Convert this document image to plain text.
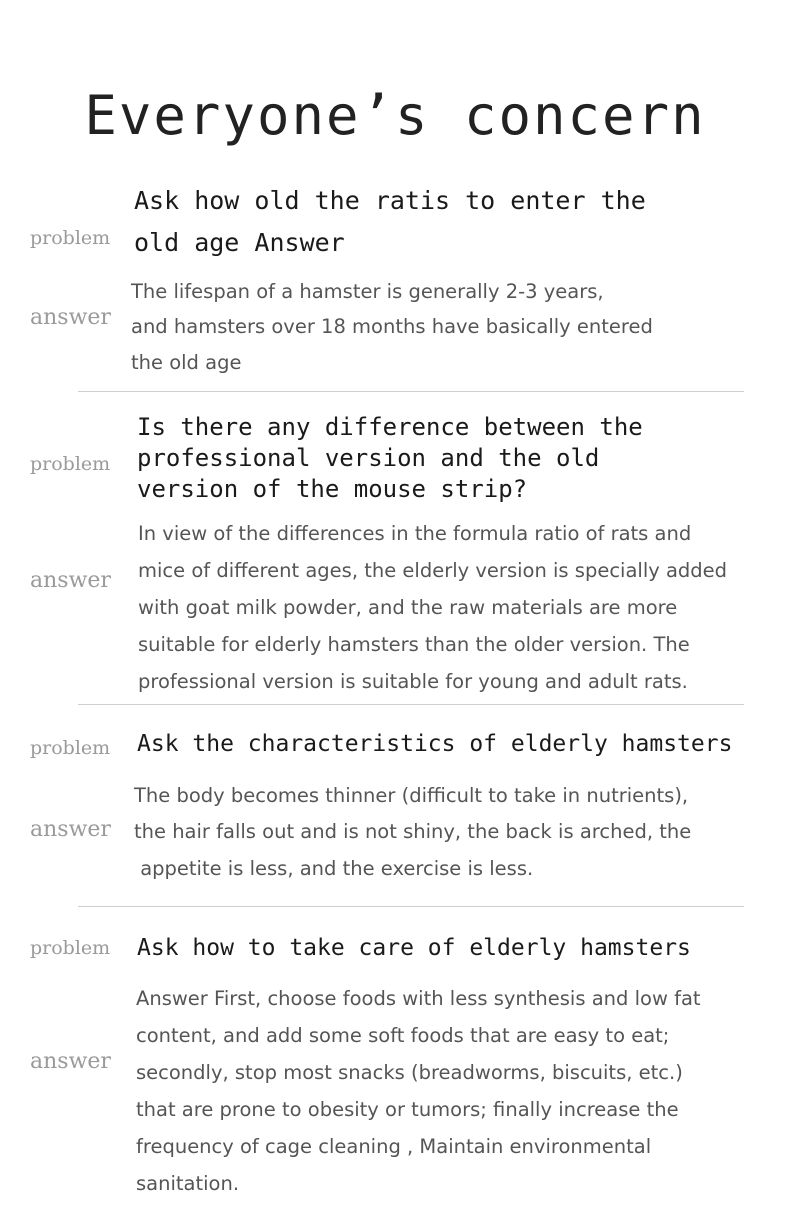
Everyone’s concern
problem
Ask how old the ratis to enter the
old age Answer
answer
The lifespan of a hamster is generally 2-3 years,
and hamsters over 18 months have basically entered
the old age
problem
Is there any difference between the
professional version and the old
version of the mouse strip?
answer
In view of the differences in the formula ratio of rats and
mice of different ages, the elderly version is specially added
with goat milk powder, and the raw materials are more
suitable for elderly hamsters than the older version. The
professional version is suitable for young and adult rats.
problem Ask the characteristics of elderly hamsters
answer
The body becomes thinner (difficult to take in nutrients),
the hair falls out and is not shiny, the back is arched, the
appetite is less, and the exercise is less.
problem Ask how to take care of elderly hamsters
answer
Answer First, choose foods with less synthesis and low fat
content, and add some soft foods that are easy to eat;
secondly, stop most snacks (breadworms, biscuits, etc.)
that are prone to obesity or tumors; finally increase the
frequency of cage cleaning , Maintain environmental
sanitation.
